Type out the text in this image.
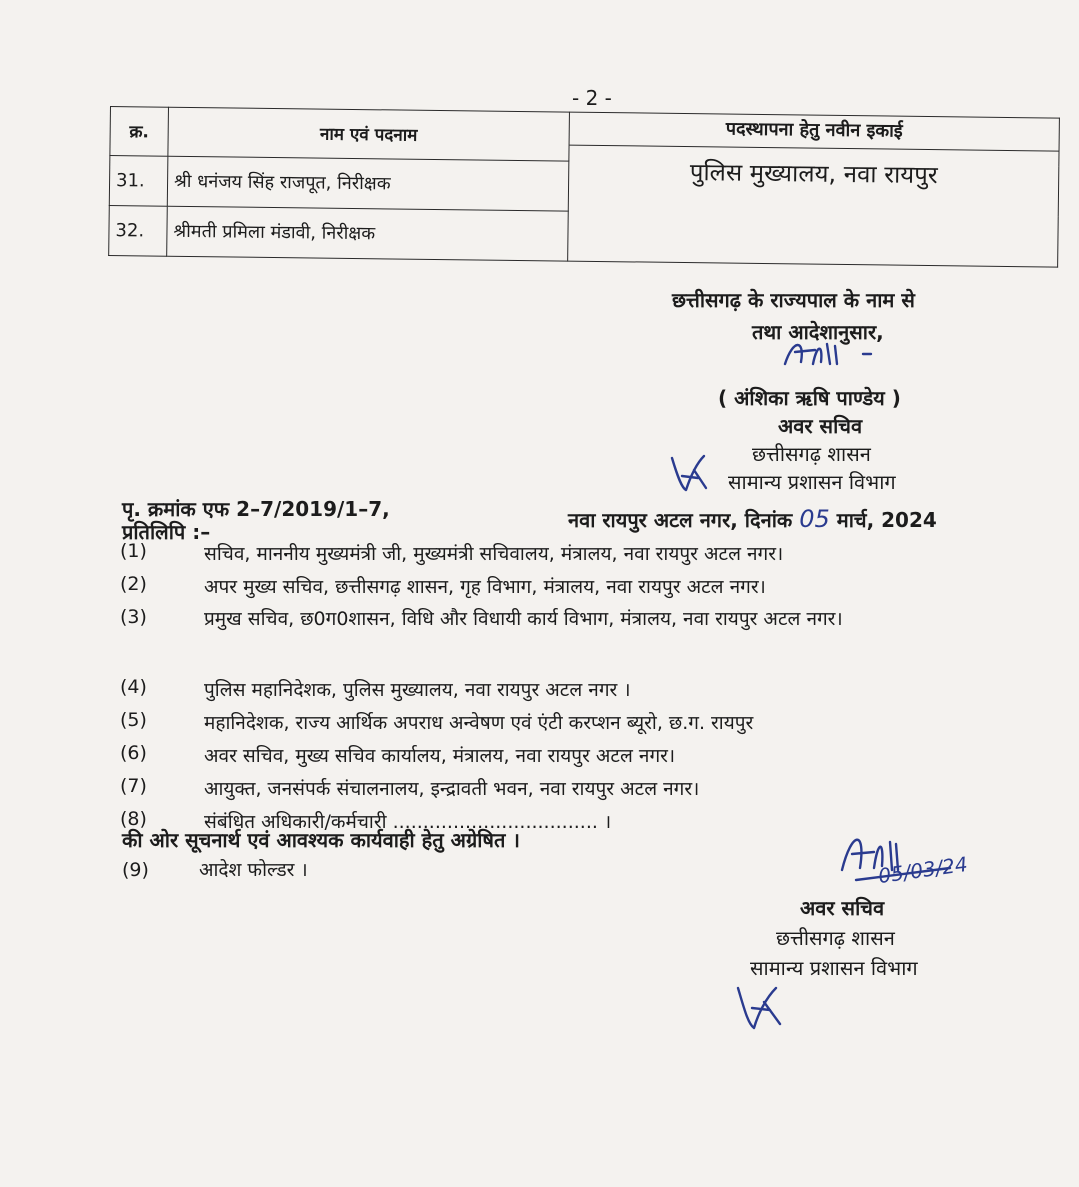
- 2 -
क्र.	नाम एवं पदनाम	पदस्थापना हेतु नवीन इकाई
पुलिस मुख्यालय, नवा रायपुर

31.	श्री धनंजय सिंह राजपूत, निरीक्षक	
32.	श्रीमती प्रमिला मंडावी, निरीक्षक	
छत्तीसगढ़ के राज्यपाल के नाम से
तथा आदेशानुसार,
( अंशिका ऋषि पाण्डेय )
अवर सचिव
छत्तीसगढ़ शासन
सामान्य प्रशासन विभाग
पृ. क्रमांक एफ 2–7/2019/1–7,	नवा रायपुर अटल नगर, दिनांक 05 मार्च, 2024
प्रतिलिपि :–
(1)	सचिव, माननीय मुख्यमंत्री जी, मुख्यमंत्री सचिवालय, मंत्रालय, नवा रायपुर अटल नगर।
(2)	अपर मुख्य सचिव, छत्तीसगढ़ शासन, गृह विभाग, मंत्रालय, नवा रायपुर अटल नगर।
(3)	प्रमुख सचिव, छ0ग0शासन, विधि और विधायी कार्य विभाग, मंत्रालय, नवा रायपुर अटल नगर।
(4)	पुलिस महानिदेशक, पुलिस मुख्यालय, नवा रायपुर अटल नगर ।
(5)	महानिदेशक, राज्य आर्थिक अपराध अन्वेषण एवं एंटी करप्शन ब्यूरो, छ.ग. रायपुर
(6)	अवर सचिव, मुख्य सचिव कार्यालय, मंत्रालय, नवा रायपुर अटल नगर।
(7)	आयुक्त, जनसंपर्क संचालनालय, इन्द्रावती भवन, नवा रायपुर अटल नगर।
(8)	संबंधित अधिकारी/कर्मचारी .................................. ।
की ओर सूचनार्थ एवं आवश्यक कार्यवाही हेतु अग्रेषित ।
(9)	आदेश फोल्डर ।	05/03/24
अवर सचिव
छत्तीसगढ़ शासन
सामान्य प्रशासन विभाग
